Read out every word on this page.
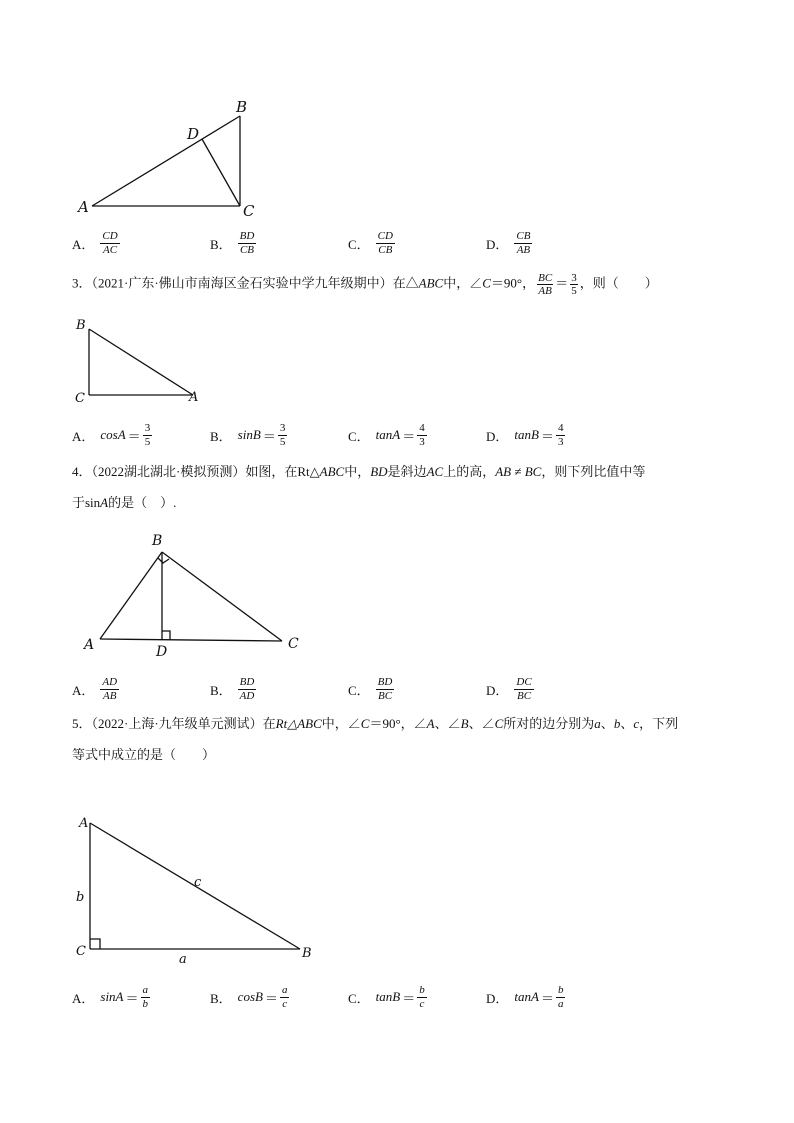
A
B
C
D
A． $\frac{CD}{AC}$	B． $\frac{BD}{CB}$	C． $\frac{CD}{CB}$	D． $\frac{CB}{AB}$
3．（2021·广东·佛山市南海区金石实验中学九年级期中）在△ABC中，∠C＝90°， $\frac{BC}{AB} = \frac{3}{5}$ ，则（　　）
B
C	A
A． $\cos A = \frac{3}{5}$	B． $\sin B = \frac{3}{5}$	C． $\tan A = \frac{4}{3}$	D． $\tan B = \frac{4}{3}$
4．（2022湖北湖北·模拟预测）如图，在Rt△ABC中，BD是斜边AC上的高，AB ≠ BC，则下列比值中等
于sinA的是（　）.
A
B
C
D
A． $\frac{AD}{AB}$	B． $\frac{BD}{AD}$	C． $\frac{BD}{BC}$	D． $\frac{DC}{BC}$
5．（2022·上海·九年级单元测试）在Rt△ABC中，∠C＝90°，∠A、∠B、∠C所对的边分别为a、b、c，下列
等式中成立的是（　　）
A
C	B
b
a
c
A． $\sin A = \frac{a}{b}$	B． $\cos B = \frac{a}{c}$	C． $\tan B = \frac{b}{c}$	D． $\tan A = \frac{b}{a}$
